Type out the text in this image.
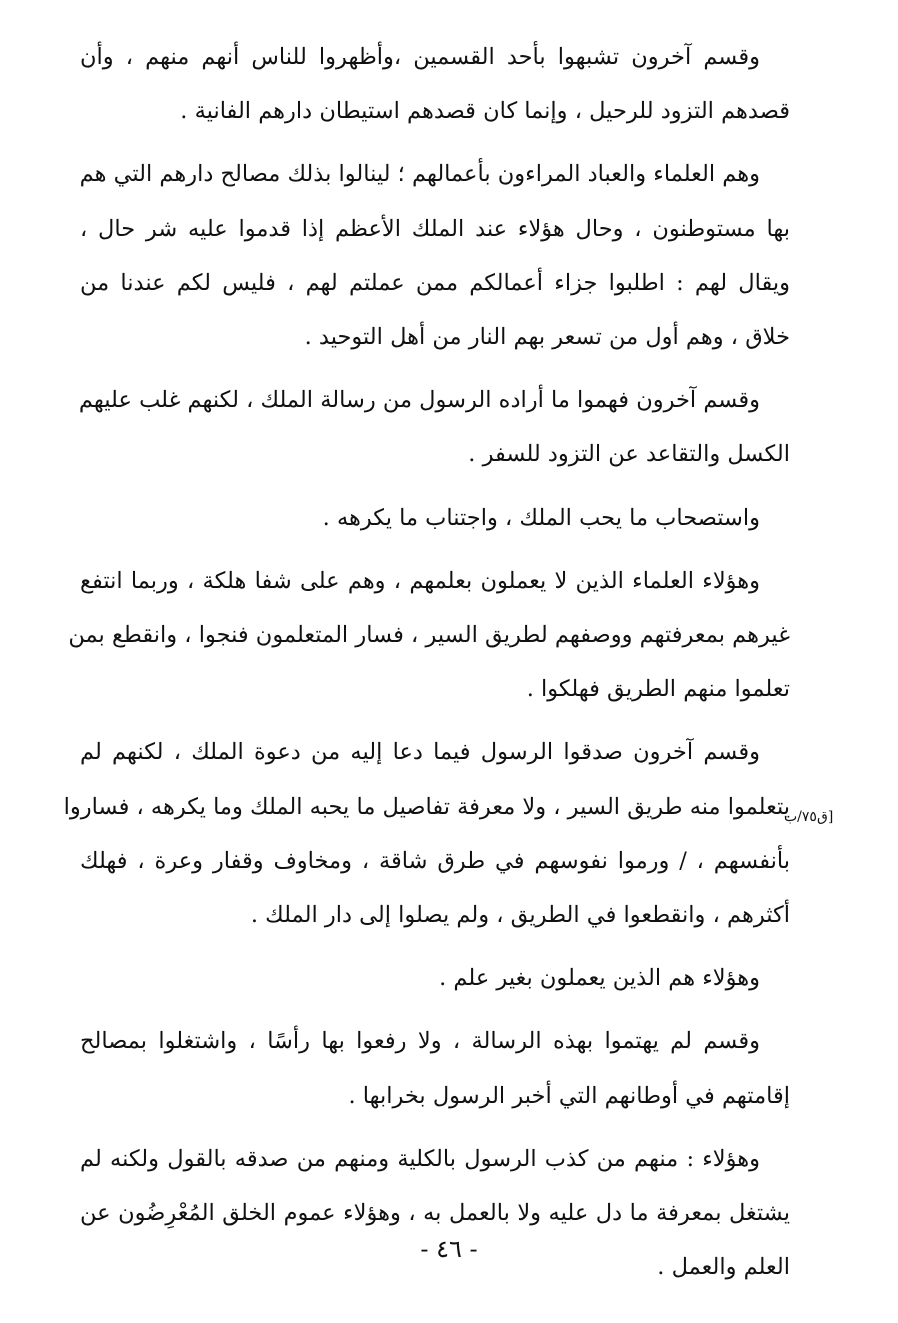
وقسم آخرون تشبهوا بأحد القسمين ،وأظهروا للناس أنهم منهم ، وأن
قصدهم التزود للرحيل ، وإنما كان قصدهم استيطان دارهم الفانية .

وهم العلماء والعباد المراءون بأعمالهم ؛ لينالوا بذلك مصالح دارهم التي هم
بها مستوطنون ، وحال هؤلاء عند الملك الأعظم إذا قدموا عليه شر حال ،
ويقال لهم : اطلبوا جزاء أعمالكم ممن عملتم لهم ، فليس لكم عندنا من
خلاق ، وهم أول من تسعر بهم النار من أهل التوحيد .

وقسم آخرون فهموا ما أراده الرسول من رسالة الملك ، لكنهم غلب عليهم
الكسل والتقاعد عن التزود للسفر .

واستصحاب ما يحب الملك ، واجتناب ما يكرهه .

وهؤلاء العلماء الذين لا يعملون بعلمهم ، وهم على شفا هلكة ، وربما انتفع
غيرهم بمعرفتهم ووصفهم لطريق السير ، فسار المتعلمون فنجوا ، وانقطع بمن
تعلموا منهم الطريق فهلكوا .

وقسم آخرون صدقوا الرسول فيما دعا إليه من دعوة الملك ، لكنهم لم
يتعلموا منه طريق السير ، ولا معرفة تفاصيل ما يحبه الملك وما يكرهه ، فساروا
بأنفسهم ، / ورموا نفوسهم في طرق شاقة ، ومخاوف وقفار وعرة ، فهلك
أكثرهم ، وانقطعوا في الطريق ، ولم يصلوا إلى دار الملك .

وهؤلاء هم الذين يعملون بغير علم .

وقسم لم يهتموا بهذه الرسالة ، ولا رفعوا بها رأسًا ، واشتغلوا بمصالح
إقامتهم في أوطانهم التي أخبر الرسول بخرابها .

وهؤلاء : منهم من كذب الرسول بالكلية ومنهم من صدقه بالقول ولكنه لم
يشتغل بمعرفة ما دل عليه ولا بالعمل به ، وهؤلاء عموم الخلق المُعْرِضُون عن
العلم والعمل .

[ق٧٥/ب
- ٤٦ -
